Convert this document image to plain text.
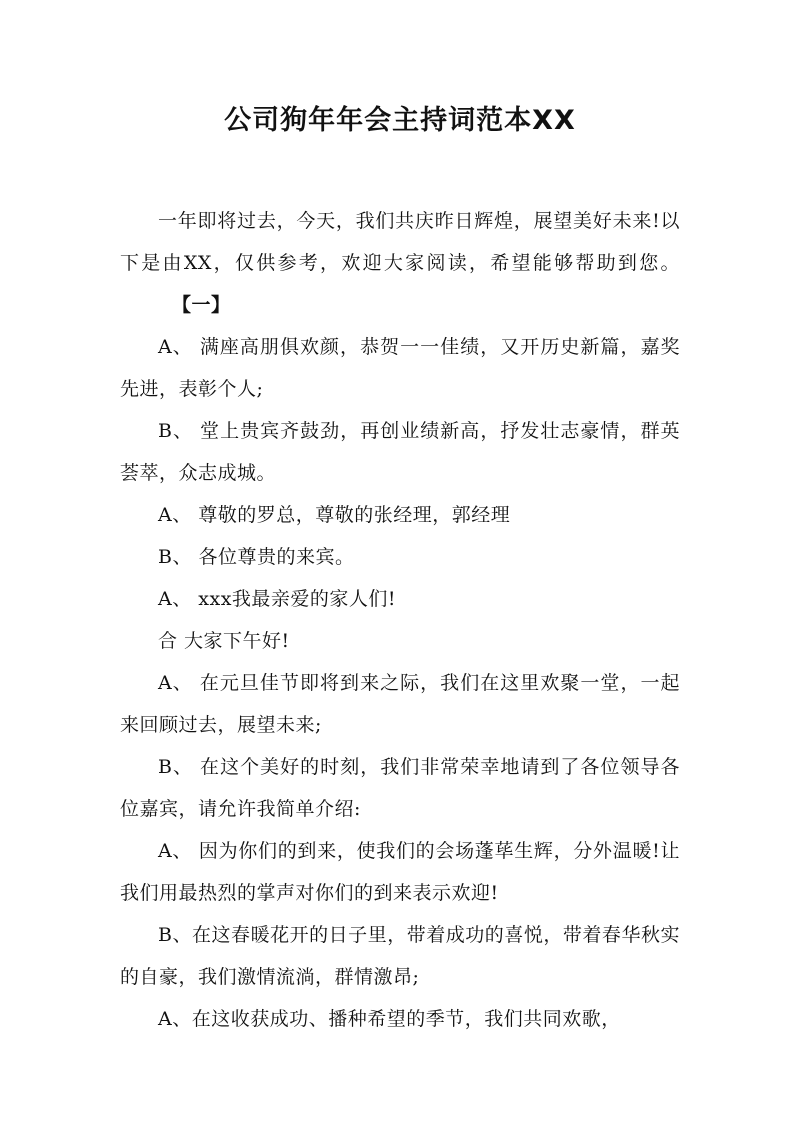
公司狗年年会主持词范本XX

一年即将过去，今天，我们共庆昨日辉煌，展望美好未来!以下是由XX，仅供参考，欢迎大家阅读，希望能够帮助到您。【一】

A、 满座高朋俱欢颜，恭贺一一佳绩，又开历史新篇，嘉奖先进，表彰个人;

B、 堂上贵宾齐鼓劲，再创业绩新高，抒发壮志豪情，群英荟萃，众志成城。

A、 尊敬的罗总，尊敬的张经理，郭经理

B、 各位尊贵的来宾。

A、 xxx我最亲爱的家人们!

合 大家下午好!

A、 在元旦佳节即将到来之际，我们在这里欢聚一堂，一起来回顾过去，展望未来;

B、 在这个美好的时刻，我们非常荣幸地请到了各位领导各位嘉宾，请允许我简单介绍:

A、 因为你们的到来，使我们的会场蓬荜生辉，分外温暖!让我们用最热烈的掌声对你们的到来表示欢迎!

B、在这春暖花开的日子里，带着成功的喜悦，带着春华秋实的自豪，我们激情流淌，群情激昂;

A、在这收获成功、播种希望的季节，我们共同欢歌，
